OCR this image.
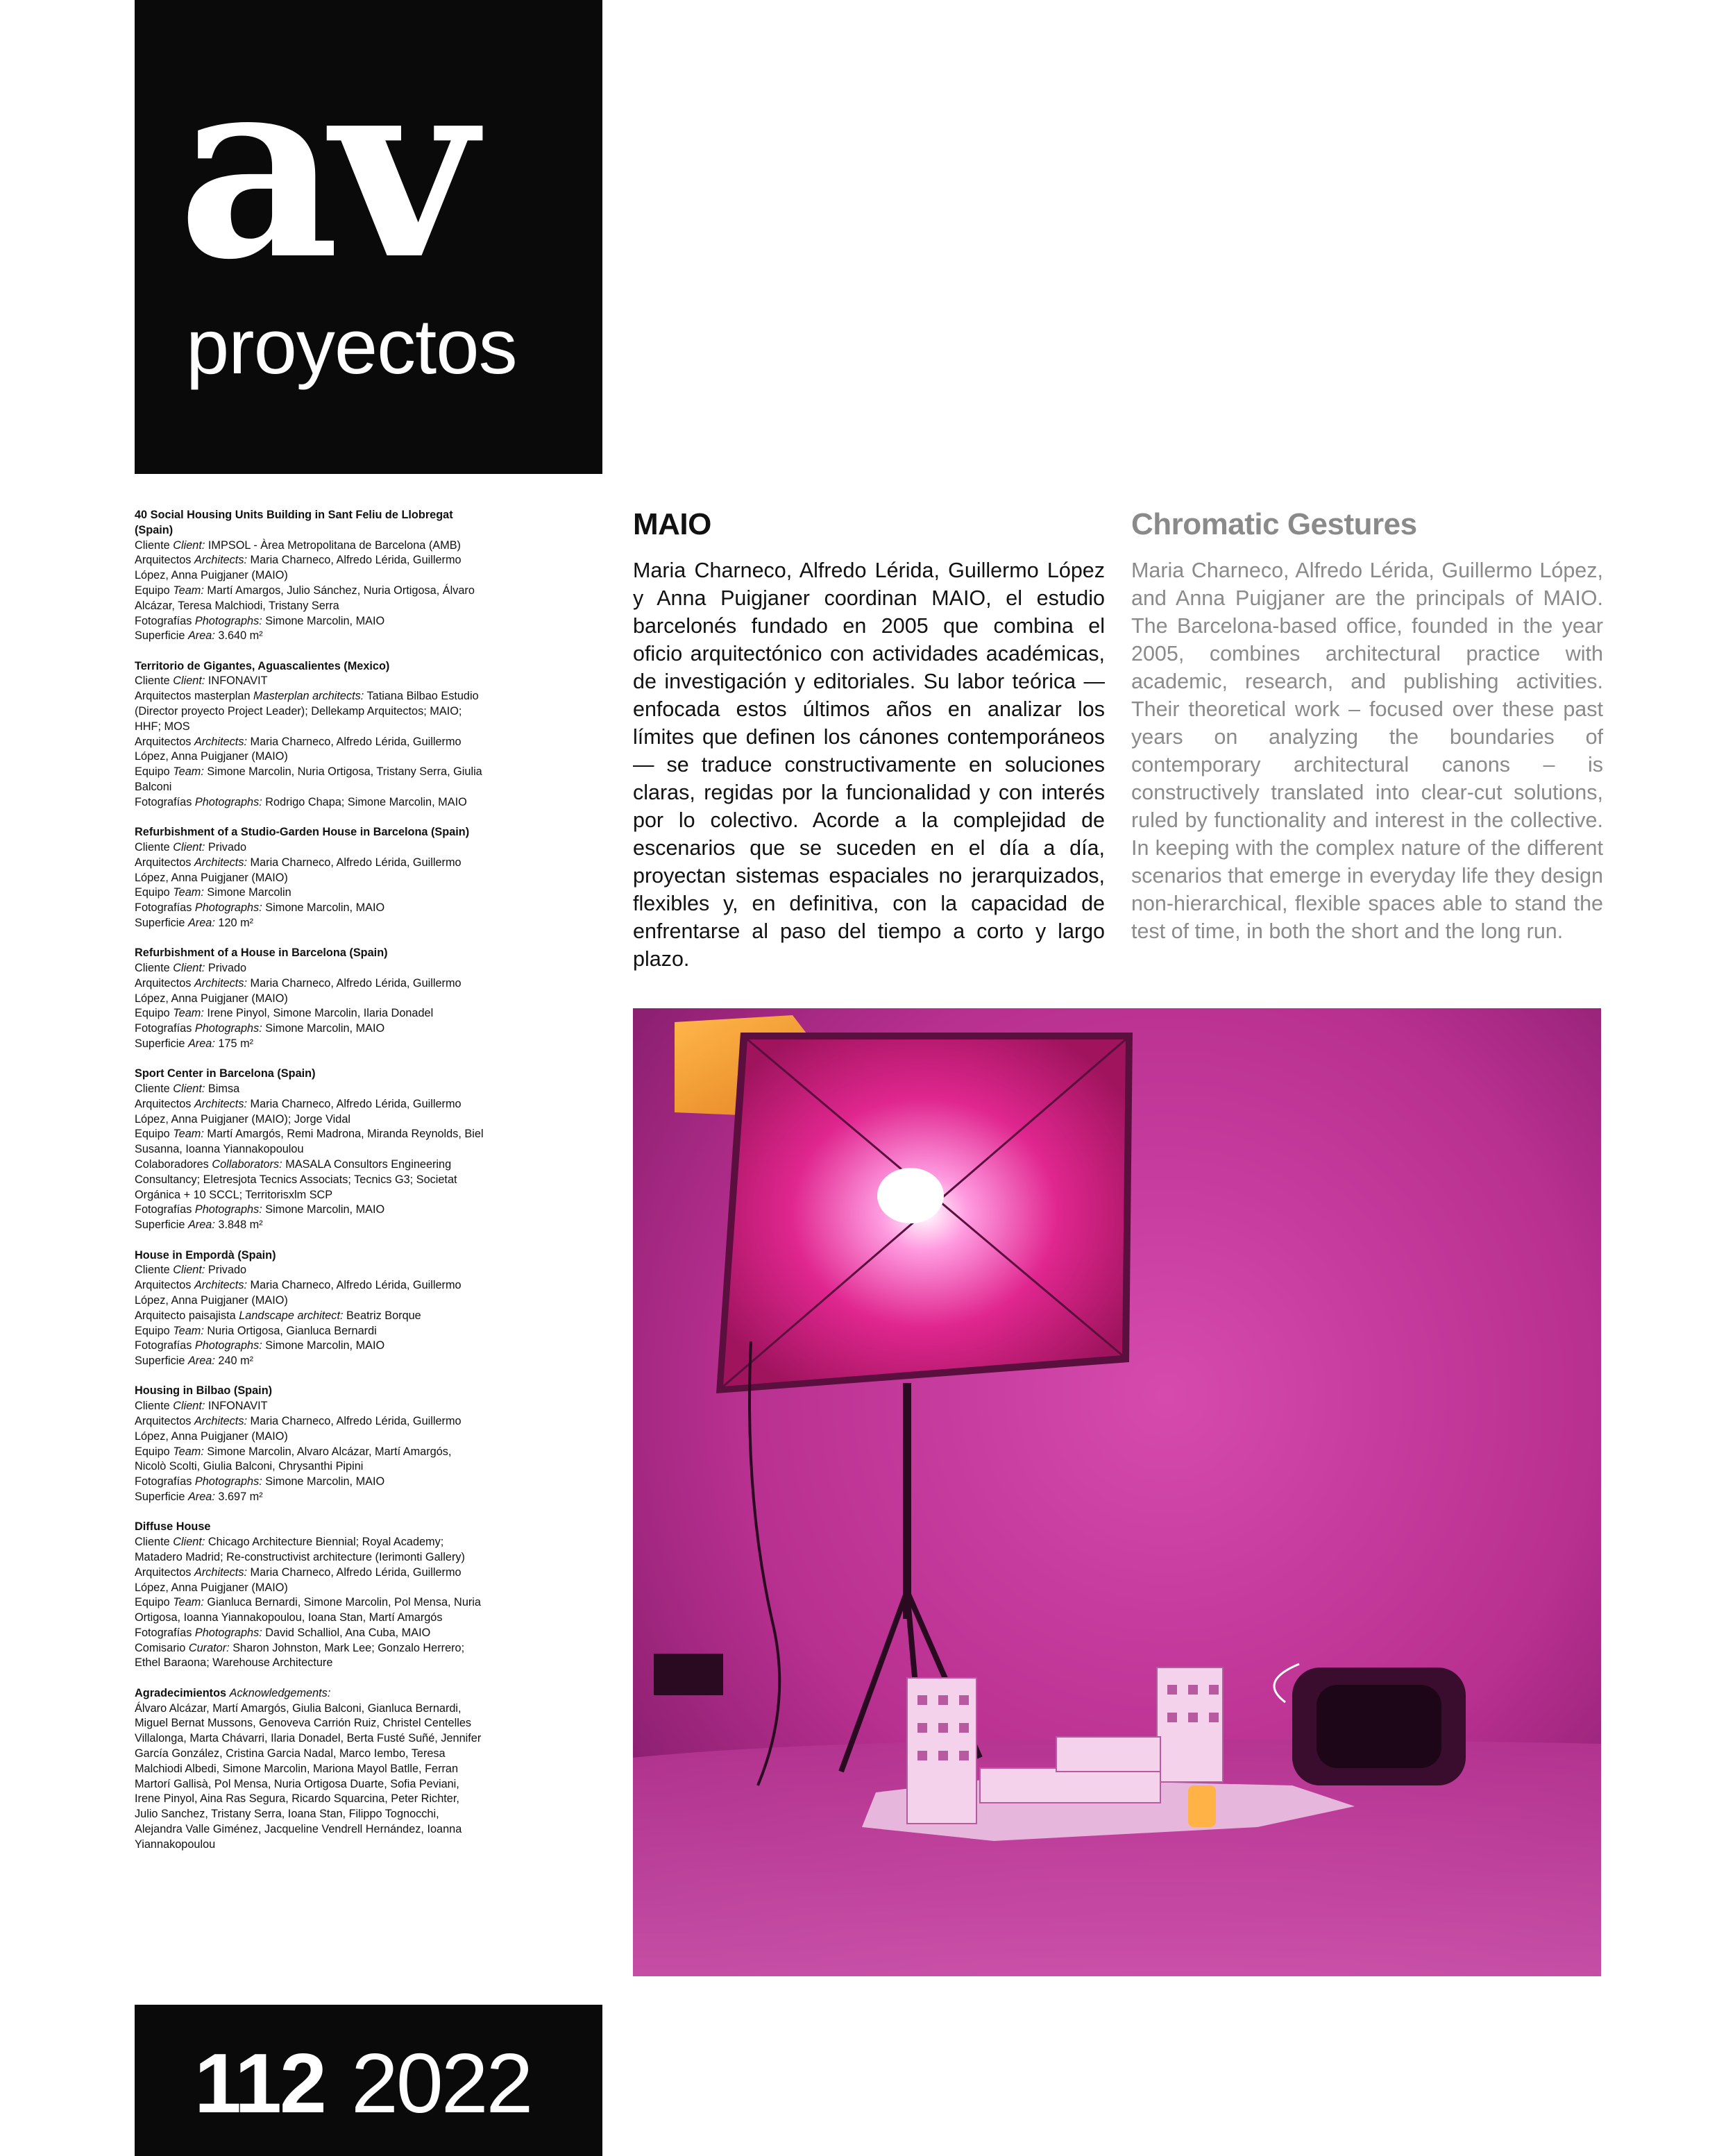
av
proyectos
40 Social Housing Units Building in Sant Feliu de Llobregat (Spain)
Cliente Client: IMPSOL - Àrea Metropolitana de Barcelona (AMB)
Arquitectos Architects: Maria Charneco, Alfredo Lérida, Guillermo López, Anna Puigjaner (MAIO)
Equipo Team: Martí Amargos, Julio Sánchez, Nuria Ortigosa, Álvaro Alcázar, Teresa Malchiodi, Tristany Serra
Fotografías Photographs: Simone Marcolin, MAIO
Superficie Area: 3.640 m²
Territorio de Gigantes, Aguascalientes (Mexico)
Cliente Client: INFONAVIT
Arquitectos masterplan Masterplan architects: Tatiana Bilbao Estudio (Director proyecto Project Leader); Dellekamp Arquitectos; MAIO; HHF; MOS
Arquitectos Architects: Maria Charneco, Alfredo Lérida, Guillermo López, Anna Puigjaner (MAIO)
Equipo Team: Simone Marcolin, Nuria Ortigosa, Tristany Serra, Giulia Balconi
Fotografías Photographs: Rodrigo Chapa; Simone Marcolin, MAIO
Refurbishment of a Studio-Garden House in Barcelona (Spain)
Cliente Client: Privado
Arquitectos Architects: Maria Charneco, Alfredo Lérida, Guillermo López, Anna Puigjaner (MAIO)
Equipo Team: Simone Marcolin
Fotografías Photographs: Simone Marcolin, MAIO
Superficie Area: 120 m²
Refurbishment of a House in Barcelona (Spain)
Cliente Client: Privado
Arquitectos Architects: Maria Charneco, Alfredo Lérida, Guillermo López, Anna Puigjaner (MAIO)
Equipo Team: Irene Pinyol, Simone Marcolin, Ilaria Donadel
Fotografías Photographs: Simone Marcolin, MAIO
Superficie Area: 175 m²
Sport Center in Barcelona (Spain)
Cliente Client: Bimsa
Arquitectos Architects: Maria Charneco, Alfredo Lérida, Guillermo López, Anna Puigjaner (MAIO); Jorge Vidal
Equipo Team: Martí Amargós, Remi Madrona, Miranda Reynolds, Biel Susanna, Ioanna Yiannakopoulou
Colaboradores Collaborators: MASALA Consultors Engineering Consultancy; Eletresjota Tecnics Associats; Tecnics G3; Societat Orgánica + 10 SCCL; Territorisxlm SCP
Fotografías Photographs: Simone Marcolin, MAIO
Superficie Area: 3.848 m²
House in Empordà (Spain)
Cliente Client: Privado
Arquitectos Architects: Maria Charneco, Alfredo Lérida, Guillermo López, Anna Puigjaner (MAIO)
Arquitecto paisajista Landscape architect: Beatriz Borque
Equipo Team: Nuria Ortigosa, Gianluca Bernardi
Fotografías Photographs: Simone Marcolin, MAIO
Superficie Area: 240 m²
Housing in Bilbao (Spain)
Cliente Client: INFONAVIT
Arquitectos Architects: Maria Charneco, Alfredo Lérida, Guillermo López, Anna Puigjaner (MAIO)
Equipo Team: Simone Marcolin, Alvaro Alcázar, Martí Amargós, Nicolò Scolti, Giulia Balconi, Chrysanthi Pipini
Fotografías Photographs: Simone Marcolin, MAIO
Superficie Area: 3.697 m²
Diffuse House
Cliente Client: Chicago Architecture Biennial; Royal Academy; Matadero Madrid; Re-constructivist architecture (Ierimonti Gallery)
Arquitectos Architects: Maria Charneco, Alfredo Lérida, Guillermo López, Anna Puigjaner (MAIO)
Equipo Team: Gianluca Bernardi, Simone Marcolin, Pol Mensa, Nuria Ortigosa, Ioanna Yiannakopoulou, Ioana Stan, Martí Amargós
Fotografías Photographs: David Schalliol, Ana Cuba, MAIO
Comisario Curator: Sharon Johnston, Mark Lee; Gonzalo Herrero; Ethel Baraona; Warehouse Architecture
Agradecimientos Acknowledgements:
Álvaro Alcázar, Martí Amargós, Giulia Balconi, Gianluca Bernardi, Miguel Bernat Mussons, Genoveva Carrión Ruiz, Christel Centelles Villalonga, Marta Chávarri, Ilaria Donadel, Berta Fusté Suñé, Jennifer García González, Cristina Garcia Nadal, Marco Iembo, Teresa Malchiodi Albedi, Simone Marcolin, Mariona Mayol Batlle, Ferran Martorí Gallisà, Pol Mensa, Nuria Ortigosa Duarte, Sofia Peviani, Irene Pinyol, Aina Ras Segura, Ricardo Squarcina, Peter Richter, Julio Sanchez, Tristany Serra, Ioana Stan, Filippo Tognocchi, Alejandra Valle Giménez, Jacqueline Vendrell Hernández, Ioanna Yiannakopoulou
112 2022
MAIO

Maria Charneco, Alfredo Lérida, Guillermo López y Anna Puigjaner coordinan MAIO, el estudio barcelonés fundado en 2005 que combina el oficio arquitectónico con actividades académicas, de investigación y editoriales. Su labor teórica —enfocada estos últimos años en analizar los límites que definen los cánones contemporáneos— se traduce constructivamente en soluciones claras, regidas por la funcionalidad y con interés por lo colectivo. Acorde a la complejidad de escenarios que se suceden en el día a día, proyectan sistemas espaciales no jerarquizados, flexibles y, en definitiva, con la capacidad de enfrentarse al paso del tiempo a corto y largo plazo.

Chromatic Gestures

Maria Charneco, Alfredo Lérida, Guillermo López, and Anna Puigjaner are the principals of MAIO. The Barcelona-based office, founded in the year 2005, combines architectural practice with academic, research, and publishing activities. Their theoretical work – focused over these past years on analyzing the boundaries of contemporary architectural canons – is constructively translated into clear-cut solutions, ruled by functionality and interest in the collective. In keeping with the complex nature of the different scenarios that emerge in everyday life they design non-hierarchical, flexible spaces able to stand the test of time, in both the short and the long run.
